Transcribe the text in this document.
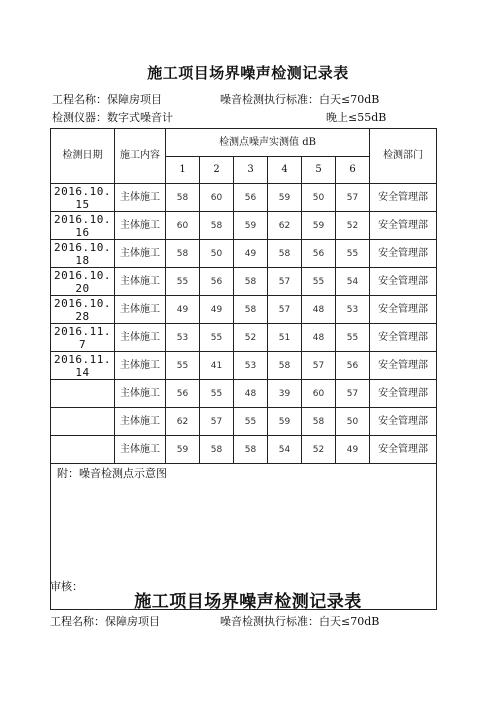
施工项目场界噪声检测记录表
工程名称：保障房项目	噪音检测执行标准：白天≤70dB
检测仪器：数字式噪音计	晚上≤55dB
检测日期	施工内容	检测点噪声实测值 dB						检测部门
		1	2	3	4	5	6	
2016.10.15	主体施工	58	60	56	59	50	57	安全管理部
2016.10.16	主体施工	60	58	59	62	59	52	安全管理部
2016.10.18	主体施工	58	50	49	58	56	55	安全管理部
2016.10.20	主体施工	55	56	58	57	55	54	安全管理部
2016.10.28	主体施工	49	49	58	57	48	53	安全管理部
2016.11.7	主体施工	53	55	52	51	48	55	安全管理部
2016.11.14	主体施工	55	41	53	58	57	56	安全管理部
	主体施工	56	55	48	39	60	57	安全管理部
	主体施工	62	57	55	59	58	50	安全管理部
	主体施工	59	58	58	54	52	49	安全管理部
附：噪音检测点示意图								
审核：
施工项目场界噪声检测记录表
工程名称：保障房项目	噪音检测执行标准：白天≤70dB
